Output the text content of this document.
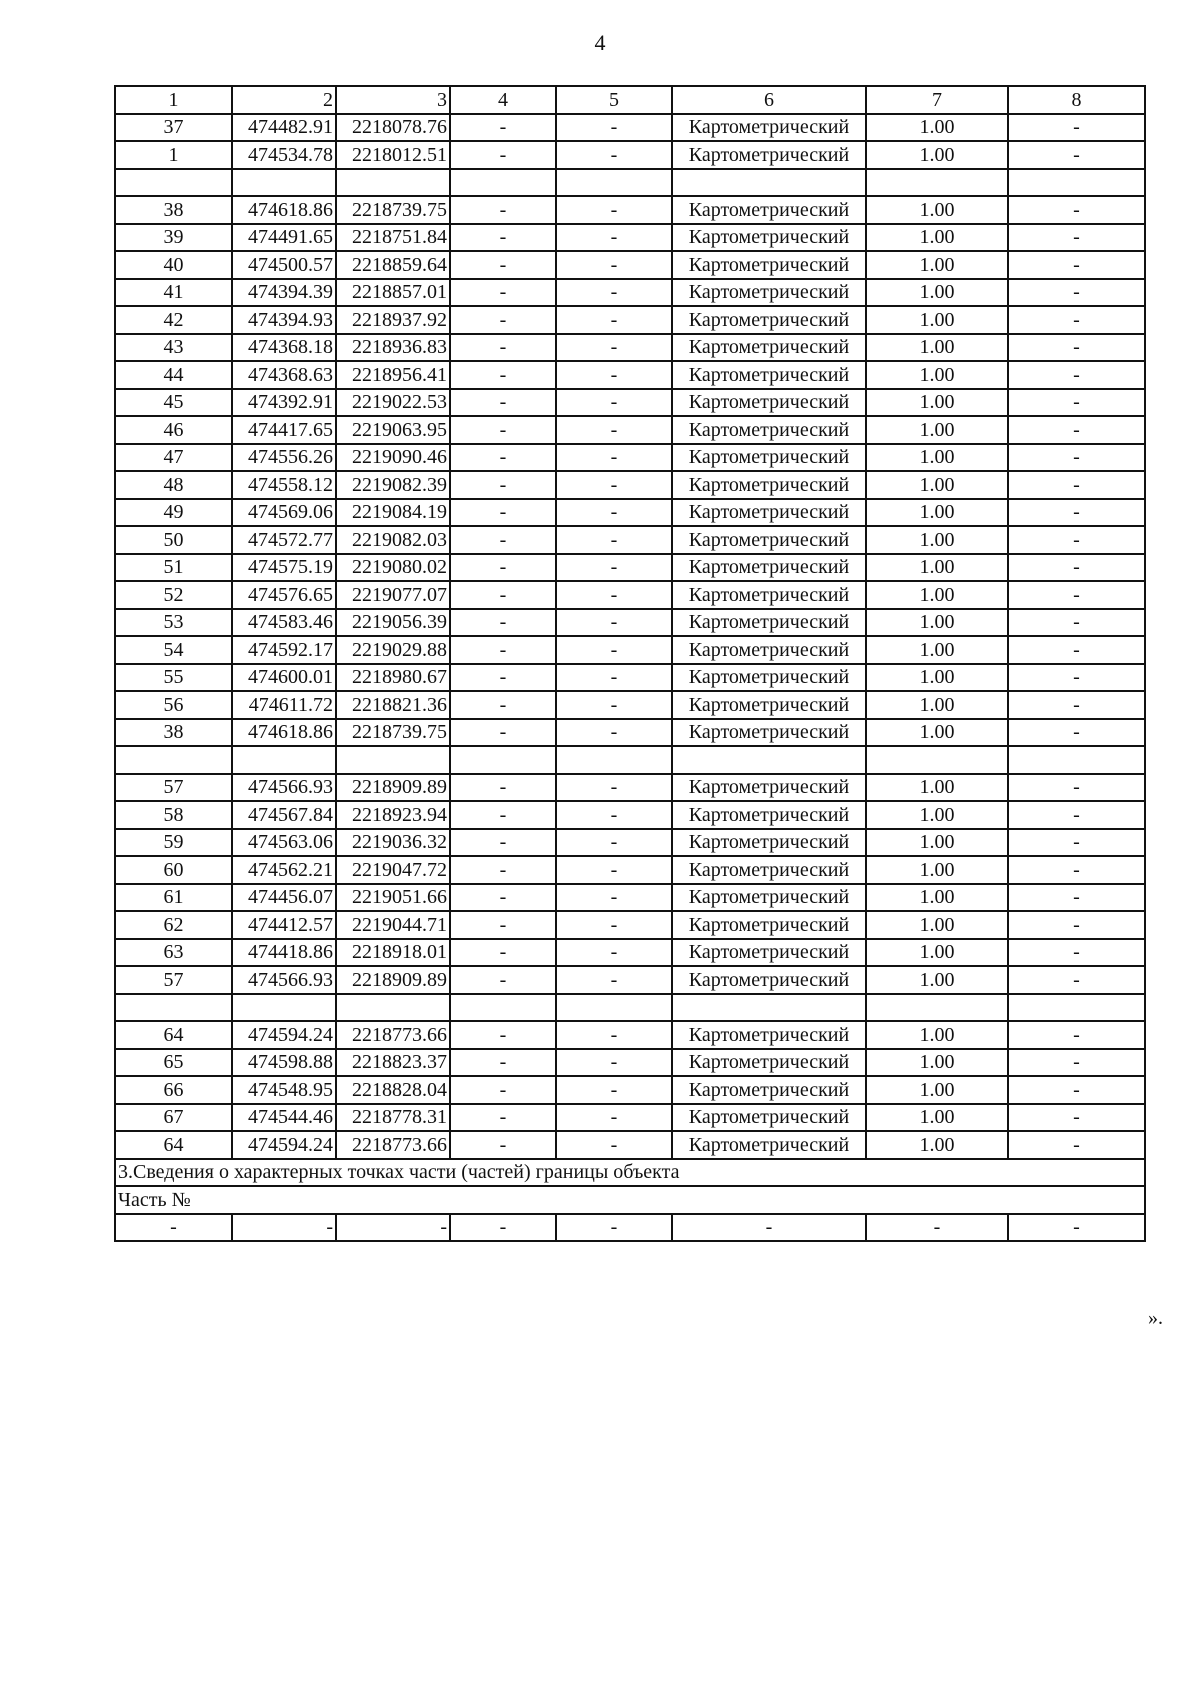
4
1	2	3	4	5	6	7	8
37	474482.91	2218078.76	-	-	Картометрический	1.00	-
1	474534.78	2218012.51	-	-	Картометрический	1.00	-

38	474618.86	2218739.75	-	-	Картометрический	1.00	-
39	474491.65	2218751.84	-	-	Картометрический	1.00	-
40	474500.57	2218859.64	-	-	Картометрический	1.00	-
41	474394.39	2218857.01	-	-	Картометрический	1.00	-
42	474394.93	2218937.92	-	-	Картометрический	1.00	-
43	474368.18	2218936.83	-	-	Картометрический	1.00	-
44	474368.63	2218956.41	-	-	Картометрический	1.00	-
45	474392.91	2219022.53	-	-	Картометрический	1.00	-
46	474417.65	2219063.95	-	-	Картометрический	1.00	-
47	474556.26	2219090.46	-	-	Картометрический	1.00	-
48	474558.12	2219082.39	-	-	Картометрический	1.00	-
49	474569.06	2219084.19	-	-	Картометрический	1.00	-
50	474572.77	2219082.03	-	-	Картометрический	1.00	-
51	474575.19	2219080.02	-	-	Картометрический	1.00	-
52	474576.65	2219077.07	-	-	Картометрический	1.00	-
53	474583.46	2219056.39	-	-	Картометрический	1.00	-
54	474592.17	2219029.88	-	-	Картометрический	1.00	-
55	474600.01	2218980.67	-	-	Картометрический	1.00	-
56	474611.72	2218821.36	-	-	Картометрический	1.00	-
38	474618.86	2218739.75	-	-	Картометрический	1.00	-

57	474566.93	2218909.89	-	-	Картометрический	1.00	-
58	474567.84	2218923.94	-	-	Картометрический	1.00	-
59	474563.06	2219036.32	-	-	Картометрический	1.00	-
60	474562.21	2219047.72	-	-	Картометрический	1.00	-
61	474456.07	2219051.66	-	-	Картометрический	1.00	-
62	474412.57	2219044.71	-	-	Картометрический	1.00	-
63	474418.86	2218918.01	-	-	Картометрический	1.00	-
57	474566.93	2218909.89	-	-	Картометрический	1.00	-

64	474594.24	2218773.66	-	-	Картометрический	1.00	-
65	474598.88	2218823.37	-	-	Картометрический	1.00	-
66	474548.95	2218828.04	-	-	Картометрический	1.00	-
67	474544.46	2218778.31	-	-	Картометрический	1.00	-
64	474594.24	2218773.66	-	-	Картометрический	1.00	-
3.Сведения о характерных точках части (частей) границы объекта							
Часть №							
-	-	-	-	-	-	-	-
».
